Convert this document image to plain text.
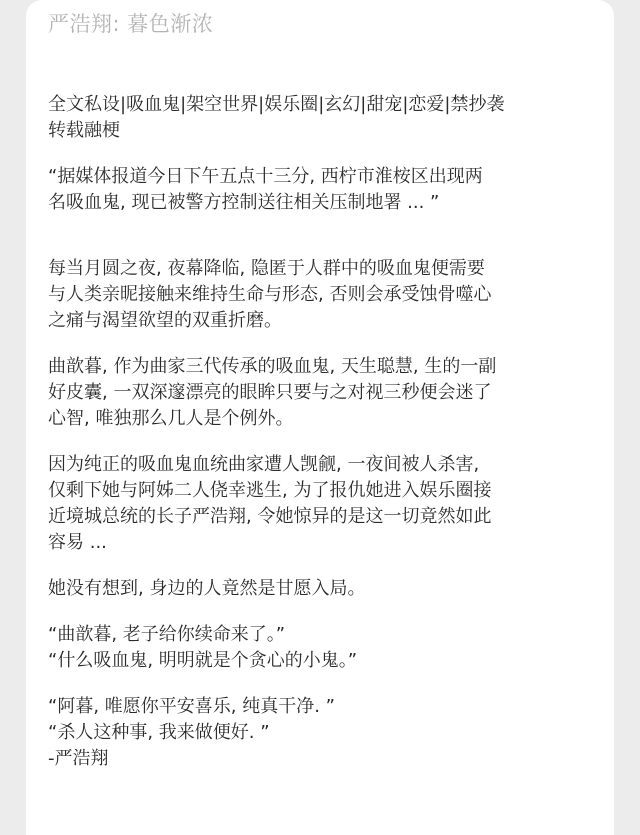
严浩翔: 暮色渐浓

全文私设|吸血鬼|架空世界|娱乐圈|玄幻|甜宠|恋爱|禁抄袭

转载融梗

“据媒体报道今日下午五点十三分, 西柠市淮桉区出现两

名吸血鬼, 现已被警方控制送往相关压制地署 ... ”

每当月圆之夜, 夜幕降临, 隐匿于人群中的吸血鬼便需要

与人类亲昵接触来维持生命与形态, 否则会承受蚀骨噬心

之痛与渴望欲望的双重折磨。

曲歆暮, 作为曲家三代传承的吸血鬼, 天生聪慧, 生的一副

好皮囊, 一双深邃漂亮的眼眸只要与之对视三秒便会迷了

心智, 唯独那么几人是个例外。

因为纯正的吸血鬼血统曲家遭人觊觎, 一夜间被人杀害,

仅剩下她与阿姊二人侥幸逃生, 为了报仇她进入娱乐圈接

近境城总统的长子严浩翔, 令她惊异的是这一切竟然如此

容易 ...

她没有想到, 身边的人竟然是甘愿入局。

“曲歆暮, 老子给你续命来了。”

“什么吸血鬼, 明明就是个贪心的小鬼。”

“阿暮, 唯愿你平安喜乐, 纯真干净. ”

“杀人这种事, 我来做便好. ”

-严浩翔
